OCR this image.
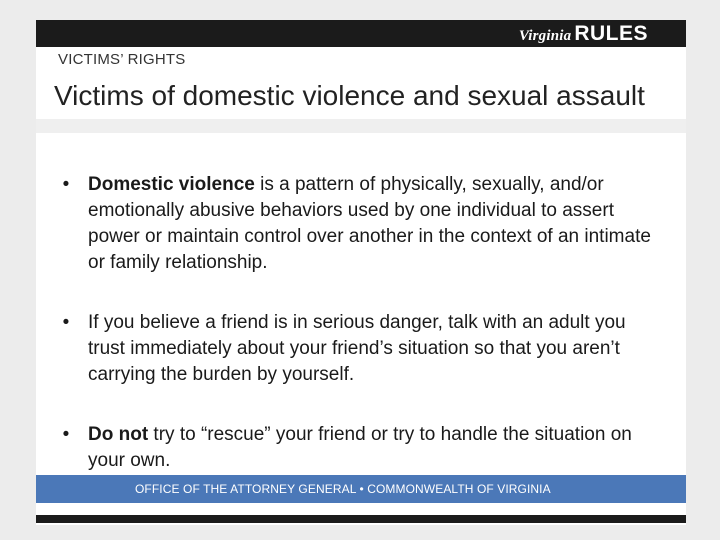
Virginia RULES
• Domestic violence is a pattern of physically, sexually, and/or emotionally abusive behaviors used by one individual to assert power or maintain control over another in the context of an intimate or family relationship.
• If you believe a friend is in serious danger, talk with an adult you trust immediately about your friend’s situation so that you aren’t carrying the burden by yourself.
• Do not try to “rescue” your friend or try to handle the situation on your own.
OFFICE OF THE ATTORNEY GENERAL • COMMONWEALTH OF VIRGINIA
VICTIMS’ RIGHTS
Victims of domestic violence and sexual assault
